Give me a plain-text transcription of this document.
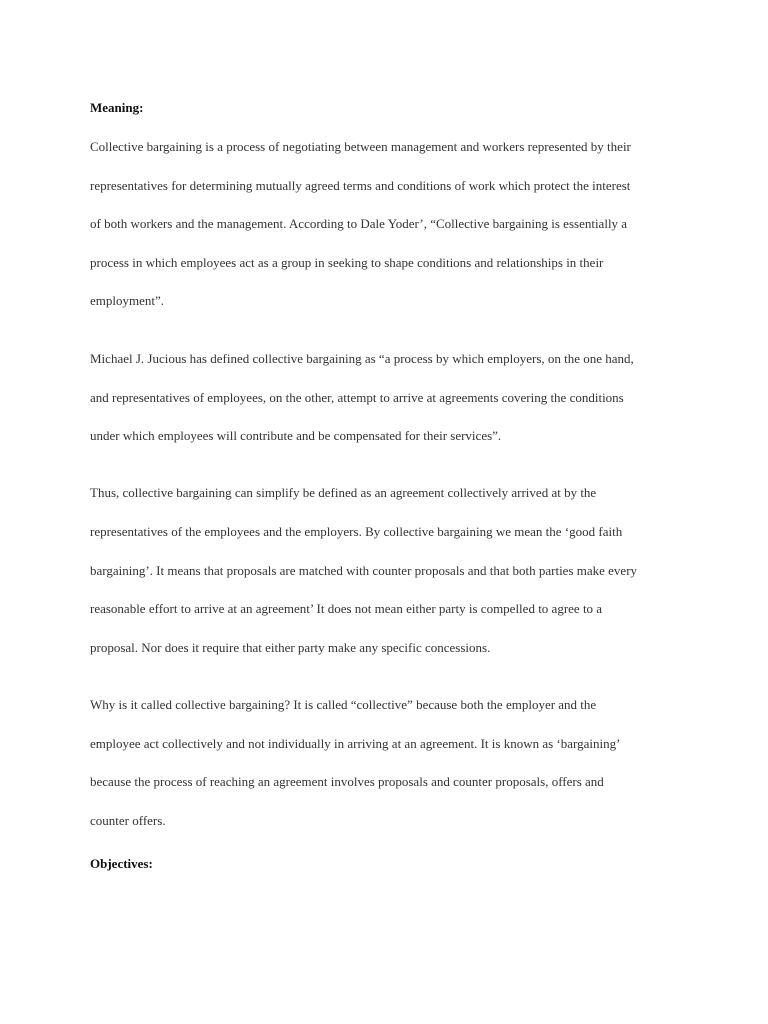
Meaning:
Collective bargaining is a process of negotiating between management and workers represented by their
representatives for determining mutually agreed terms and conditions of work which protect the interest
of both workers and the management. According to Dale Yoder’, “Collective bargaining is essentially a
process in which employees act as a group in seeking to shape conditions and relationships in their
employment”.
Michael J. Jucious has defined collective bargaining as “a process by which employers, on the one hand,
and representatives of employees, on the other, attempt to arrive at agreements covering the conditions
under which employees will contribute and be compensated for their services”.
Thus, collective bargaining can simplify be defined as an agreement collectively arrived at by the
representatives of the employees and the employers. By collective bargaining we mean the ‘good faith
bargaining’. It means that proposals are matched with counter proposals and that both parties make every
reasonable effort to arrive at an agreement’ It does not mean either party is compelled to agree to a
proposal. Nor does it require that either party make any specific concessions.
Why is it called collective bargaining? It is called “collective” because both the employer and the
employee act collectively and not individually in arriving at an agreement. It is known as ‘bargaining’
because the process of reaching an agreement involves proposals and counter proposals, offers and
counter offers.
Objectives:
